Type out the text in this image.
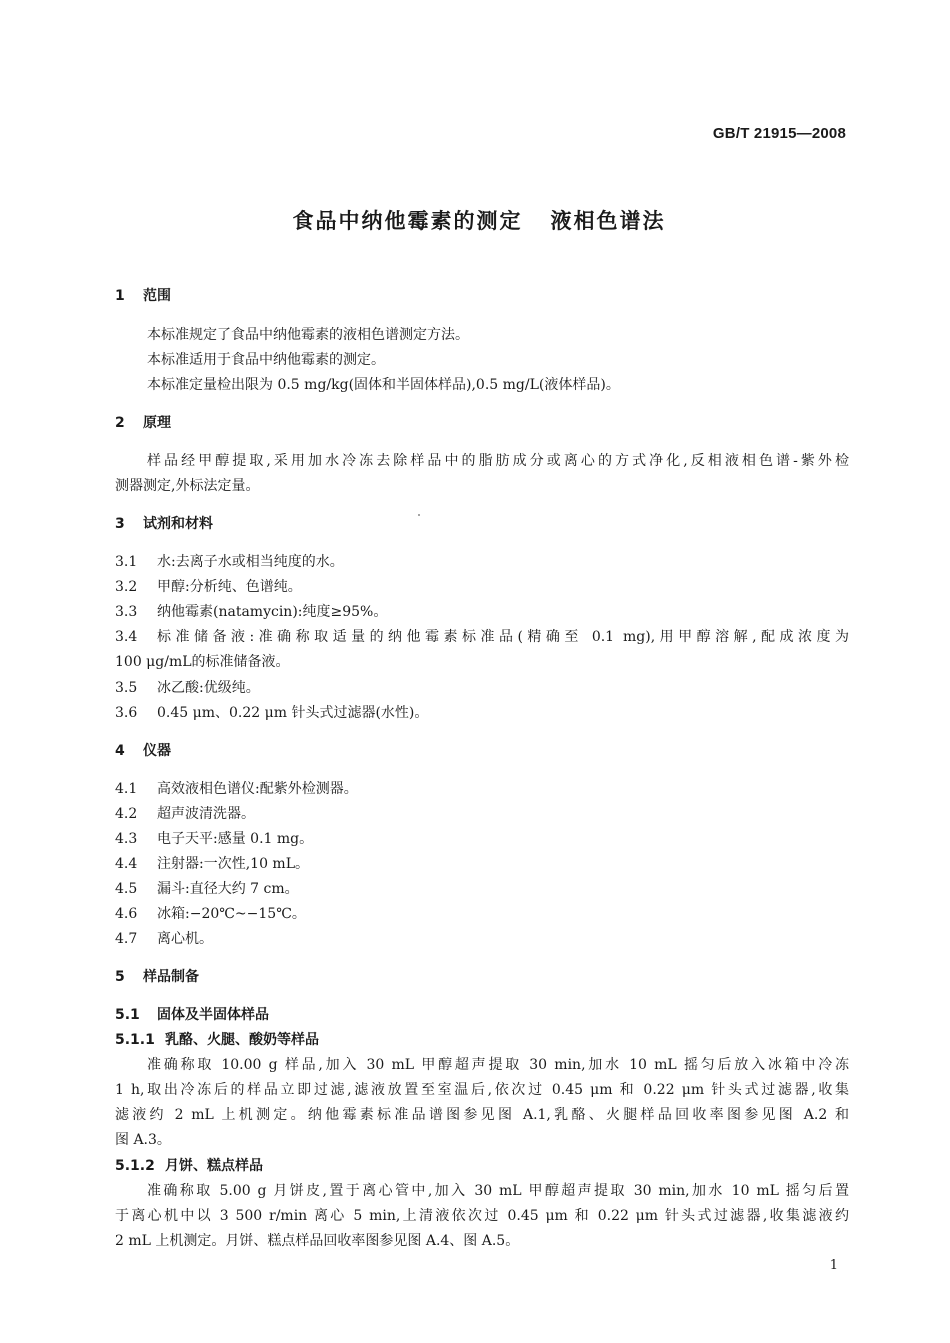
GB/T 21915—2008
食品中纳他霉素的测定 液相色谱法
1 范围
本标准规定了食品中纳他霉素的液相色谱测定方法。
本标准适用于食品中纳他霉素的测定。
本标准定量检出限为 0.5 mg/kg(固体和半固体样品),0.5 mg/L(液体样品)。
2 原理
样品经甲醇提取,采用加水冷冻去除样品中的脂肪成分或离心的方式净化,反相液相色谱-紫外检
测器测定,外标法定量。
3 试剂和材料
3.1 水:去离子水或相当纯度的水。
3.2 甲醇:分析纯、色谱纯。
3.3 纳他霉素(natamycin):纯度≥95%。
3.4	标准储备液:准确称取适量的纳他霉素标准品(精确至 0.1 mg),用甲醇溶解,配成浓度为
100 μg/mL的标准储备液。
3.5 冰乙酸:优级纯。
3.6 0.45 μm、0.22 μm 针头式过滤器(水性)。
4 仪器
4.1 高效液相色谱仪:配紫外检测器。
4.2 超声波清洗器。
4.3 电子天平:感量 0.1 mg。
4.4 注射器:一次性,10 mL。
4.5 漏斗:直径大约 7 cm。
4.6 冰箱:−20℃~−15℃。
4.7 离心机。
5 样品制备
5.1 固体及半固体样品
5.1.1 乳酪、火腿、酸奶等样品
准确称取 10.00 g 样品,加入 30 mL 甲醇超声提取 30 min,加水 10 mL 摇匀后放入冰箱中冷冻
1 h,取出冷冻后的样品立即过滤,滤液放置至室温后,依次过 0.45 μm 和 0.22 μm 针头式过滤器,收集
滤液约 2 mL 上机测定。纳他霉素标准品谱图参见图 A.1,乳酪、火腿样品回收率图参见图 A.2 和
图 A.3。
5.1.2 月饼、糕点样品
准确称取 5.00 g 月饼皮,置于离心管中,加入 30 mL 甲醇超声提取 30 min,加水 10 mL 摇匀后置
于离心机中以 3 500 r/min 离心 5 min,上清液依次过 0.45 μm 和 0.22 μm 针头式过滤器,收集滤液约
2 mL 上机测定。月饼、糕点样品回收率图参见图 A.4、图 A.5。
1
